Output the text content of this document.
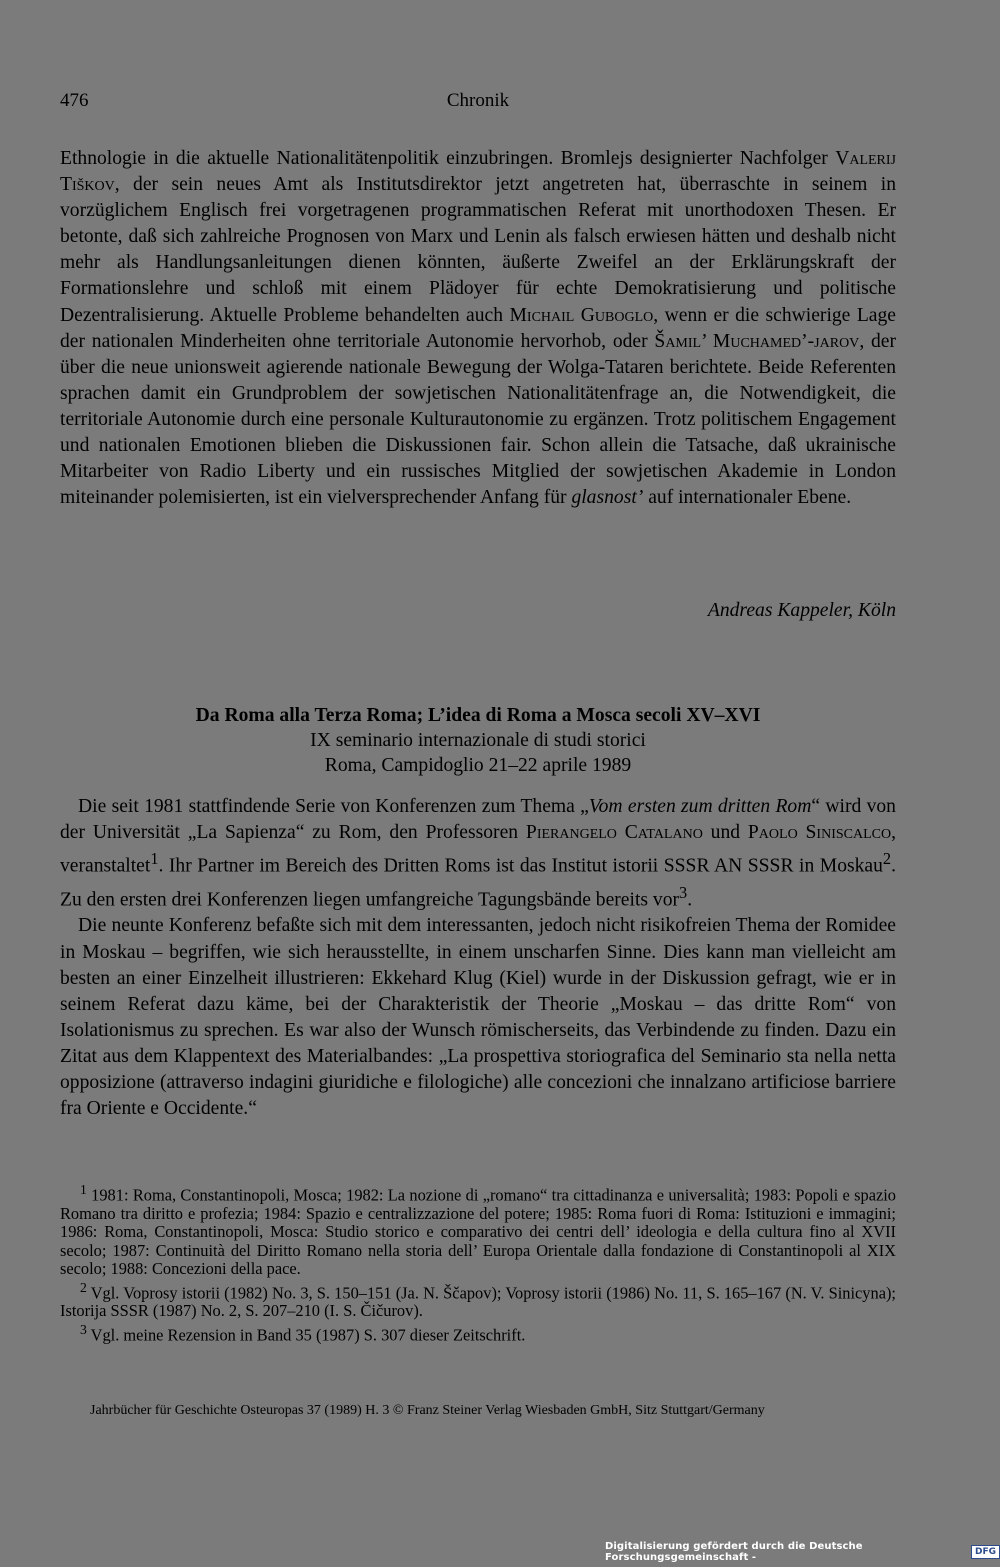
476	Chronik

Ethnologie in die aktuelle Nationalitätenpolitik einzubringen. Bromlejs designierter Nachfolger Valerij Tiškov, der sein neues Amt als Institutsdirektor jetzt angetreten hat, überraschte in seinem in vorzüglichem Englisch frei vorgetragenen programmatischen Referat mit unorthodoxen Thesen. Er betonte, daß sich zahlreiche Prognosen von Marx und Lenin als falsch erwiesen hätten und deshalb nicht mehr als Handlungsanleitungen dienen könnten, äußerte Zweifel an der Erklärungskraft der Formationslehre und schloß mit einem Plädoyer für echte Demokratisierung und politische Dezentralisierung. Aktuelle Probleme behandelten auch Michail Guboglo, wenn er die schwierige Lage der nationalen Minderheiten ohne territoriale Autonomie hervorhob, oder Šamil’ Muchamed’-jarov, der über die neue unionsweit agierende nationale Bewegung der Wolga-Tataren berichtete. Beide Referenten sprachen damit ein Grundproblem der sowjetischen Nationalitätenfrage an, die Notwendigkeit, die territoriale Autonomie durch eine personale Kulturautonomie zu ergänzen. Trotz politischem Engagement und nationalen Emotionen blieben die Diskussionen fair. Schon allein die Tatsache, daß ukrainische Mitarbeiter von Radio Liberty und ein russisches Mitglied der sowjetischen Akademie in London miteinander polemisierten, ist ein vielversprechender Anfang für glasnost’ auf internationaler Ebene.

Andreas Kappeler, Köln
Da Roma alla Terza Roma; L’idea di Roma a Mosca secoli XV–XVI
IX seminario internazionale di studi storici
Roma, Campidoglio 21–22 aprile 1989

Die seit 1981 stattfindende Serie von Konferenzen zum Thema „Vom ersten zum dritten Rom“ wird von der Universität „La Sapienza“ zu Rom, den Professoren Pierangelo Catalano und Paolo Siniscalco, veranstaltet$^1$. Ihr Partner im Bereich des Dritten Roms ist das Institut istorii SSSR AN SSSR in Moskau$^2$. Zu den ersten drei Konferenzen liegen umfangreiche Tagungsbände bereits vor$^3$.

Die neunte Konferenz befaßte sich mit dem interessanten, jedoch nicht risikofreien Thema der Romidee in Moskau – begriffen, wie sich herausstellte, in einem unscharfen Sinne. Dies kann man vielleicht am besten an einer Einzelheit illustrieren: Ekkehard Klug (Kiel) wurde in der Diskussion gefragt, wie er in seinem Referat dazu käme, bei der Charakteristik der Theorie „Moskau – das dritte Rom“ von Isolationismus zu sprechen. Es war also der Wunsch römischerseits, das Verbindende zu finden. Dazu ein Zitat aus dem Klappentext des Materialbandes: „La prospettiva storiografica del Seminario sta nella netta opposizione (attraverso indagini giuridiche e filologiche) alle concezioni che innalzano artificiose barriere fra Oriente e Occidente.“

$^1$ 1981: Roma, Constantinopoli, Mosca; 1982: La nozione di „romano“ tra cittadinanza e universalità; 1983: Popoli e spazio Romano tra diritto e profezia; 1984: Spazio e centralizzazione del potere; 1985: Roma fuori di Roma: Istituzioni e immagini; 1986: Roma, Constantinopoli, Mosca: Studio storico e comparativo dei centri dell’ ideologia e della cultura fino al XVII secolo; 1987: Continuità del Diritto Romano nella storia dell’ Europa Orientale dalla fondazione di Constantinopoli al XIX secolo; 1988: Concezioni della pace.

$^2$ Vgl. Voprosy istorii (1982) No. 3, S. 150–151 (Ja. N. Ščapov); Voprosy istorii (1986) No. 11, S. 165–167 (N. V. Sinicyna); Istorija SSSR (1987) No. 2, S. 207–210 (I. S. Čičurov).

$^3$ Vgl. meine Rezension in Band 35 (1987) S. 307 dieser Zeitschrift.

Jahrbücher für Geschichte Osteuropas 37 (1989) H. 3 © Franz Steiner Verlag Wiesbaden GmbH, Sitz Stuttgart/Germany
Digitalisierung gefördert durch die Deutsche Forschungsgemeinschaft -	DFG
